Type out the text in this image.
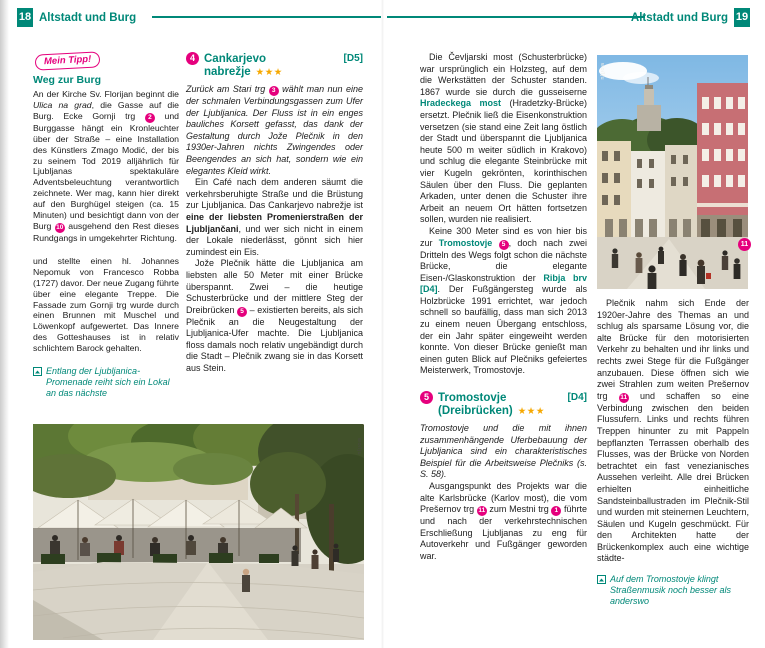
18 Altstadt und Burg	Altstadt und Burg 19
Mein Tipp!
Weg zur Burg

An der Kirche Sv. Florijan beginnt die Ulica na grad, die Gasse auf die Burg. Ecke Gornji trg 2 und Burggasse hängt ein Kronleuchter über der Straße – eine Installation des Künstlers Zmago Modić, der bis zu seinem Tod 2019 alljährlich für Ljubljanas spektakuläre Adventsbeleuchtung verantwortlich zeichnete. Wer mag, kann hier direkt auf den Burghügel steigen (ca. 15 Minuten) und besichtigt dann von der Burg 10 ausgehend den Rest dieses Rundgangs in umgekehrter Richtung.

und stellte einen hl. Johannes Nepomuk von Francesco Robba (1727) davor. Der neue Zugang führte über eine elegante Treppe. Die Fassade zum Gornji trg wurde durch einen Brunnen mit Muschel und Löwenkopf aufgewertet. Das Innere des Gotteshauses ist in relativ schlichtem Barock gehalten.

Entlang der Ljubljanica-Promenade reiht sich ein Lokal an das nächste
4 Cankarjevo	[D5]
nabrežje ★★★

Zurück am Stari trg 3 wählt man nun eine der schmalen Verbindungsgassen zum Ufer der Ljubljanica. Der Fluss ist in ein enges bauliches Korsett gefasst, das dank der Gestaltung durch Jože Plečnik in den 1930er-Jahren nichts Zwingendes oder Beengendes an sich hat, sondern wie ein elegantes Kleid wirkt.

Ein Café nach dem anderen säumt die verkehrsberuhigte Straße und die Brüstung zur Ljubljanica. Das Cankarjevo nabrežje ist eine der liebsten Promenierstraßen der Ljubljančani, und wer sich nicht in einem der Lokale niederlässt, gönnt sich hier zumindest ein Eis.

Jože Plečnik hätte die Ljubljanica am liebsten alle 50 Meter mit einer Brücke überspannt. Zwei – die heutige Schusterbrücke und der mittlere Steg der Dreibrücken 5 – existierten bereits, als sich Plečnik an die Neugestaltung der Ljubljanica-Ufer machte. Die Ljubljanica floss damals noch relativ ungebändigt durch die Stadt – Plečnik zwang sie in das Korsett aus Stein.

Die Čevljarski most (Schusterbrücke) war ursprünglich ein Holzsteg, auf dem die Werkstätten der Schuster standen. 1867 wurde sie durch die gusseiserne Hradeckega most (Hradetzky-Brücke) ersetzt. Plečnik ließ die Eisenkonstruktion versetzen (sie stand eine Zeit lang östlich der Stadt und überspannt die Ljubljanica heute 500 m weiter südlich in Krakovo) und schlug die elegante Steinbrücke mit vier Kugeln gekrönten, korinthischen Säulen über den Fluss. Die geplanten Arkaden, unter denen die Schuster ihre Arbeit an neuem Ort hätten fortsetzen sollen, wurden nie realisiert.

Keine 300 Meter sind es von hier bis zur Tromostovje 5 , doch nach zwei Dritteln des Wegs folgt schon die nächste Brücke, die elegante Eisen-/Glaskonstruktion der Ribja brv [D4]. Der Fußgängersteg wurde als Holzbrücke 1991 errichtet, war jedoch schnell so baufällig, dass man sich 2013 zu einem neuen Übergang entschloss, der ein Jahr später eingeweiht werden konnte. Von dieser Brücke genießt man einen guten Blick auf Plečniks gefeiertes Meisterwerk, Tromostovje.

5 Tromostovje	[D4]
(Dreibrücken) ★★★

Tromostovje und die mit ihnen zusammenhängende Uferbebauung der Ljubljanica sind ein charakteristisches Beispiel für die Arbeitsweise Plečniks (s. S. 58).

Ausgangspunkt des Projekts war die alte Karlsbrücke (Karlov most), die vom Prešernov trg 11 zum Mestni trg 1 führte und nach der verkehrstechnischen Erschließung Ljubljanas zu eng für Autoverkehr und Fußgänger geworden war.

Plečnik nahm sich Ende der 1920er-Jahre des Themas an und schlug als sparsame Lösung vor, die alte Brücke für den motorisierten Verkehr zu behalten und ihr links und rechts zwei Stege für die Fußgänger anzubauen. Diese öffnen sich wie zwei Strahlen zum weiten Prešernov trg 11 und schaffen so eine Verbindung zwischen den beiden Flussufern. Links und rechts führen Treppen hinunter zu mit Pappeln bepflanzten Terrassen oberhalb des Flusses, was der Brücke von Norden betrachtet ein fast venezianisches Aussehen verleiht. Alle drei Brücken erhielten einheitliche Sandsteinballustraden im Plečnik-Stil und wurden mit steinernen Leuchtern, Säulen und Kugeln geschmückt. Für den Architekten hatte der Brückenkomplex auch eine wichtige städte-

Auf dem Tromostovje klingt Straßenmusik noch besser als anderswo
wo/lju
wo/lju
11
